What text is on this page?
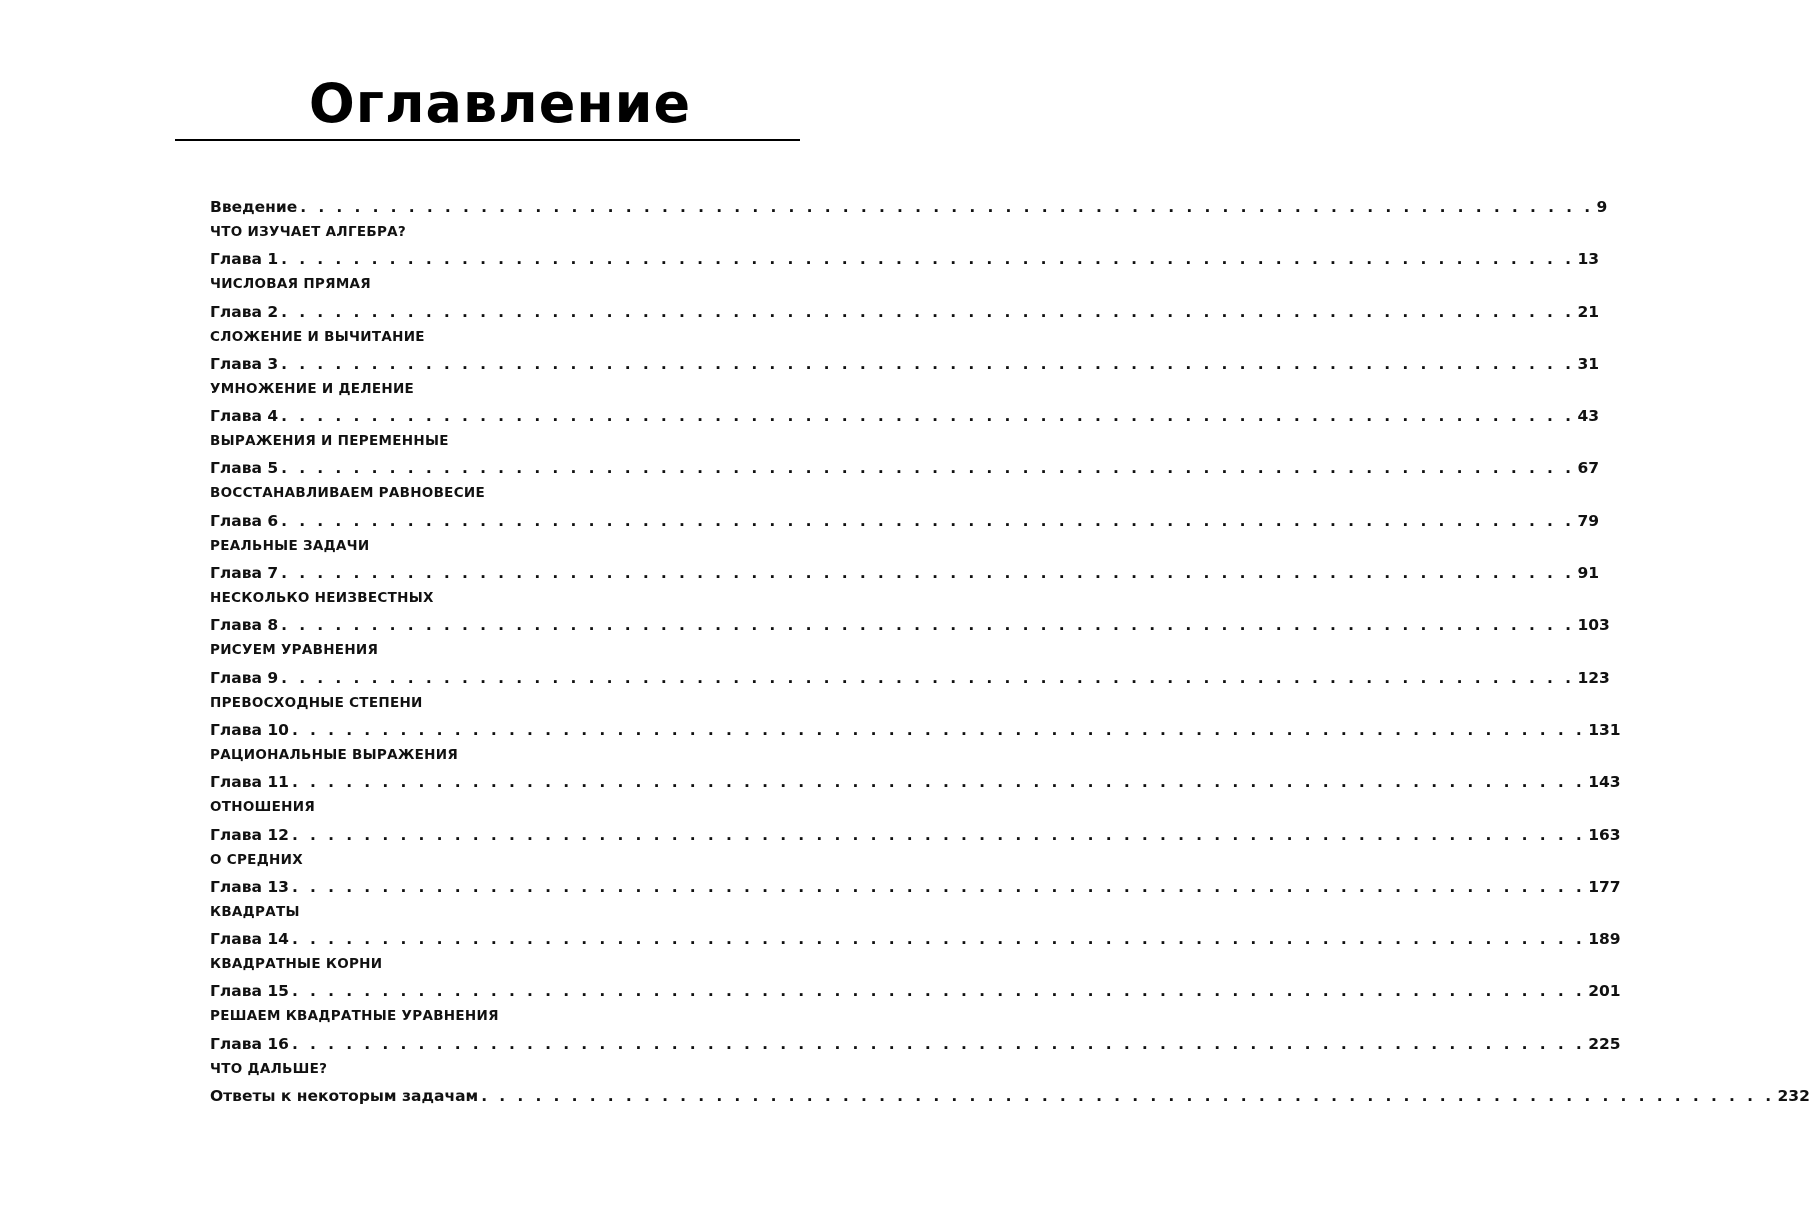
Оглавление
Введение . . . . . . . . . . . . . . . . . . . . . . . . . . . . . . . . . . . . . . . . . . . . . . . . . . . . . . . . . . . . . . . . . . . . . . . . 9
ЧТО ИЗУЧАЕТ АЛГЕБРА?
Глава 1 . . . . . . . . . . . . . . . . . . . . . . . . . . . . . . . . . . . . . . . . . . . . . . . . . . . . . . . . . . . . . . . . . . . . . . . . 13
ЧИСЛОВАЯ ПРЯМАЯ
Глава 2 . . . . . . . . . . . . . . . . . . . . . . . . . . . . . . . . . . . . . . . . . . . . . . . . . . . . . . . . . . . . . . . . . . . . . . . . 21
СЛОЖЕНИЕ И ВЫЧИТАНИЕ
Глава 3 . . . . . . . . . . . . . . . . . . . . . . . . . . . . . . . . . . . . . . . . . . . . . . . . . . . . . . . . . . . . . . . . . . . . . . . . 31
УМНОЖЕНИЕ И ДЕЛЕНИЕ
Глава 4 . . . . . . . . . . . . . . . . . . . . . . . . . . . . . . . . . . . . . . . . . . . . . . . . . . . . . . . . . . . . . . . . . . . . . . . . 43
ВЫРАЖЕНИЯ И ПЕРЕМЕННЫЕ
Глава 5 . . . . . . . . . . . . . . . . . . . . . . . . . . . . . . . . . . . . . . . . . . . . . . . . . . . . . . . . . . . . . . . . . . . . . . . . 67
ВОССТАНАВЛИВАЕМ РАВНОВЕСИЕ
Глава 6 . . . . . . . . . . . . . . . . . . . . . . . . . . . . . . . . . . . . . . . . . . . . . . . . . . . . . . . . . . . . . . . . . . . . . . . . 79
РЕАЛЬНЫЕ ЗАДАЧИ
Глава 7 . . . . . . . . . . . . . . . . . . . . . . . . . . . . . . . . . . . . . . . . . . . . . . . . . . . . . . . . . . . . . . . . . . . . . . . . 91
НЕСКОЛЬКО НЕИЗВЕСТНЫХ
Глава 8 . . . . . . . . . . . . . . . . . . . . . . . . . . . . . . . . . . . . . . . . . . . . . . . . . . . . . . . . . . . . . . . . . . . . . . . . 103
РИСУЕМ УРАВНЕНИЯ
Глава 9 . . . . . . . . . . . . . . . . . . . . . . . . . . . . . . . . . . . . . . . . . . . . . . . . . . . . . . . . . . . . . . . . . . . . . . . . 123
ПРЕВОСХОДНЫЕ СТЕПЕНИ
Глава 10 . . . . . . . . . . . . . . . . . . . . . . . . . . . . . . . . . . . . . . . . . . . . . . . . . . . . . . . . . . . . . . . . . . . . . . . . 131
РАЦИОНАЛЬНЫЕ ВЫРАЖЕНИЯ
Глава 11 . . . . . . . . . . . . . . . . . . . . . . . . . . . . . . . . . . . . . . . . . . . . . . . . . . . . . . . . . . . . . . . . . . . . . . . . 143
ОТНОШЕНИЯ
Глава 12 . . . . . . . . . . . . . . . . . . . . . . . . . . . . . . . . . . . . . . . . . . . . . . . . . . . . . . . . . . . . . . . . . . . . . . . . 163
О СРЕДНИХ
Глава 13 . . . . . . . . . . . . . . . . . . . . . . . . . . . . . . . . . . . . . . . . . . . . . . . . . . . . . . . . . . . . . . . . . . . . . . . . 177
КВАДРАТЫ
Глава 14 . . . . . . . . . . . . . . . . . . . . . . . . . . . . . . . . . . . . . . . . . . . . . . . . . . . . . . . . . . . . . . . . . . . . . . . . 189
КВАДРАТНЫЕ КОРНИ
Глава 15 . . . . . . . . . . . . . . . . . . . . . . . . . . . . . . . . . . . . . . . . . . . . . . . . . . . . . . . . . . . . . . . . . . . . . . . . 201
РЕШАЕМ КВАДРАТНЫЕ УРАВНЕНИЯ
Глава 16 . . . . . . . . . . . . . . . . . . . . . . . . . . . . . . . . . . . . . . . . . . . . . . . . . . . . . . . . . . . . . . . . . . . . . . . . 225
ЧТО ДАЛЬШЕ?
Ответы к некоторым задачам . . . . . . . . . . . . . . . . . . . . . . . . . . . . . . . . . . . . . . . . . . . . . . . . . . . . . . . . . . . . . . . . . . . . . . . . 232
